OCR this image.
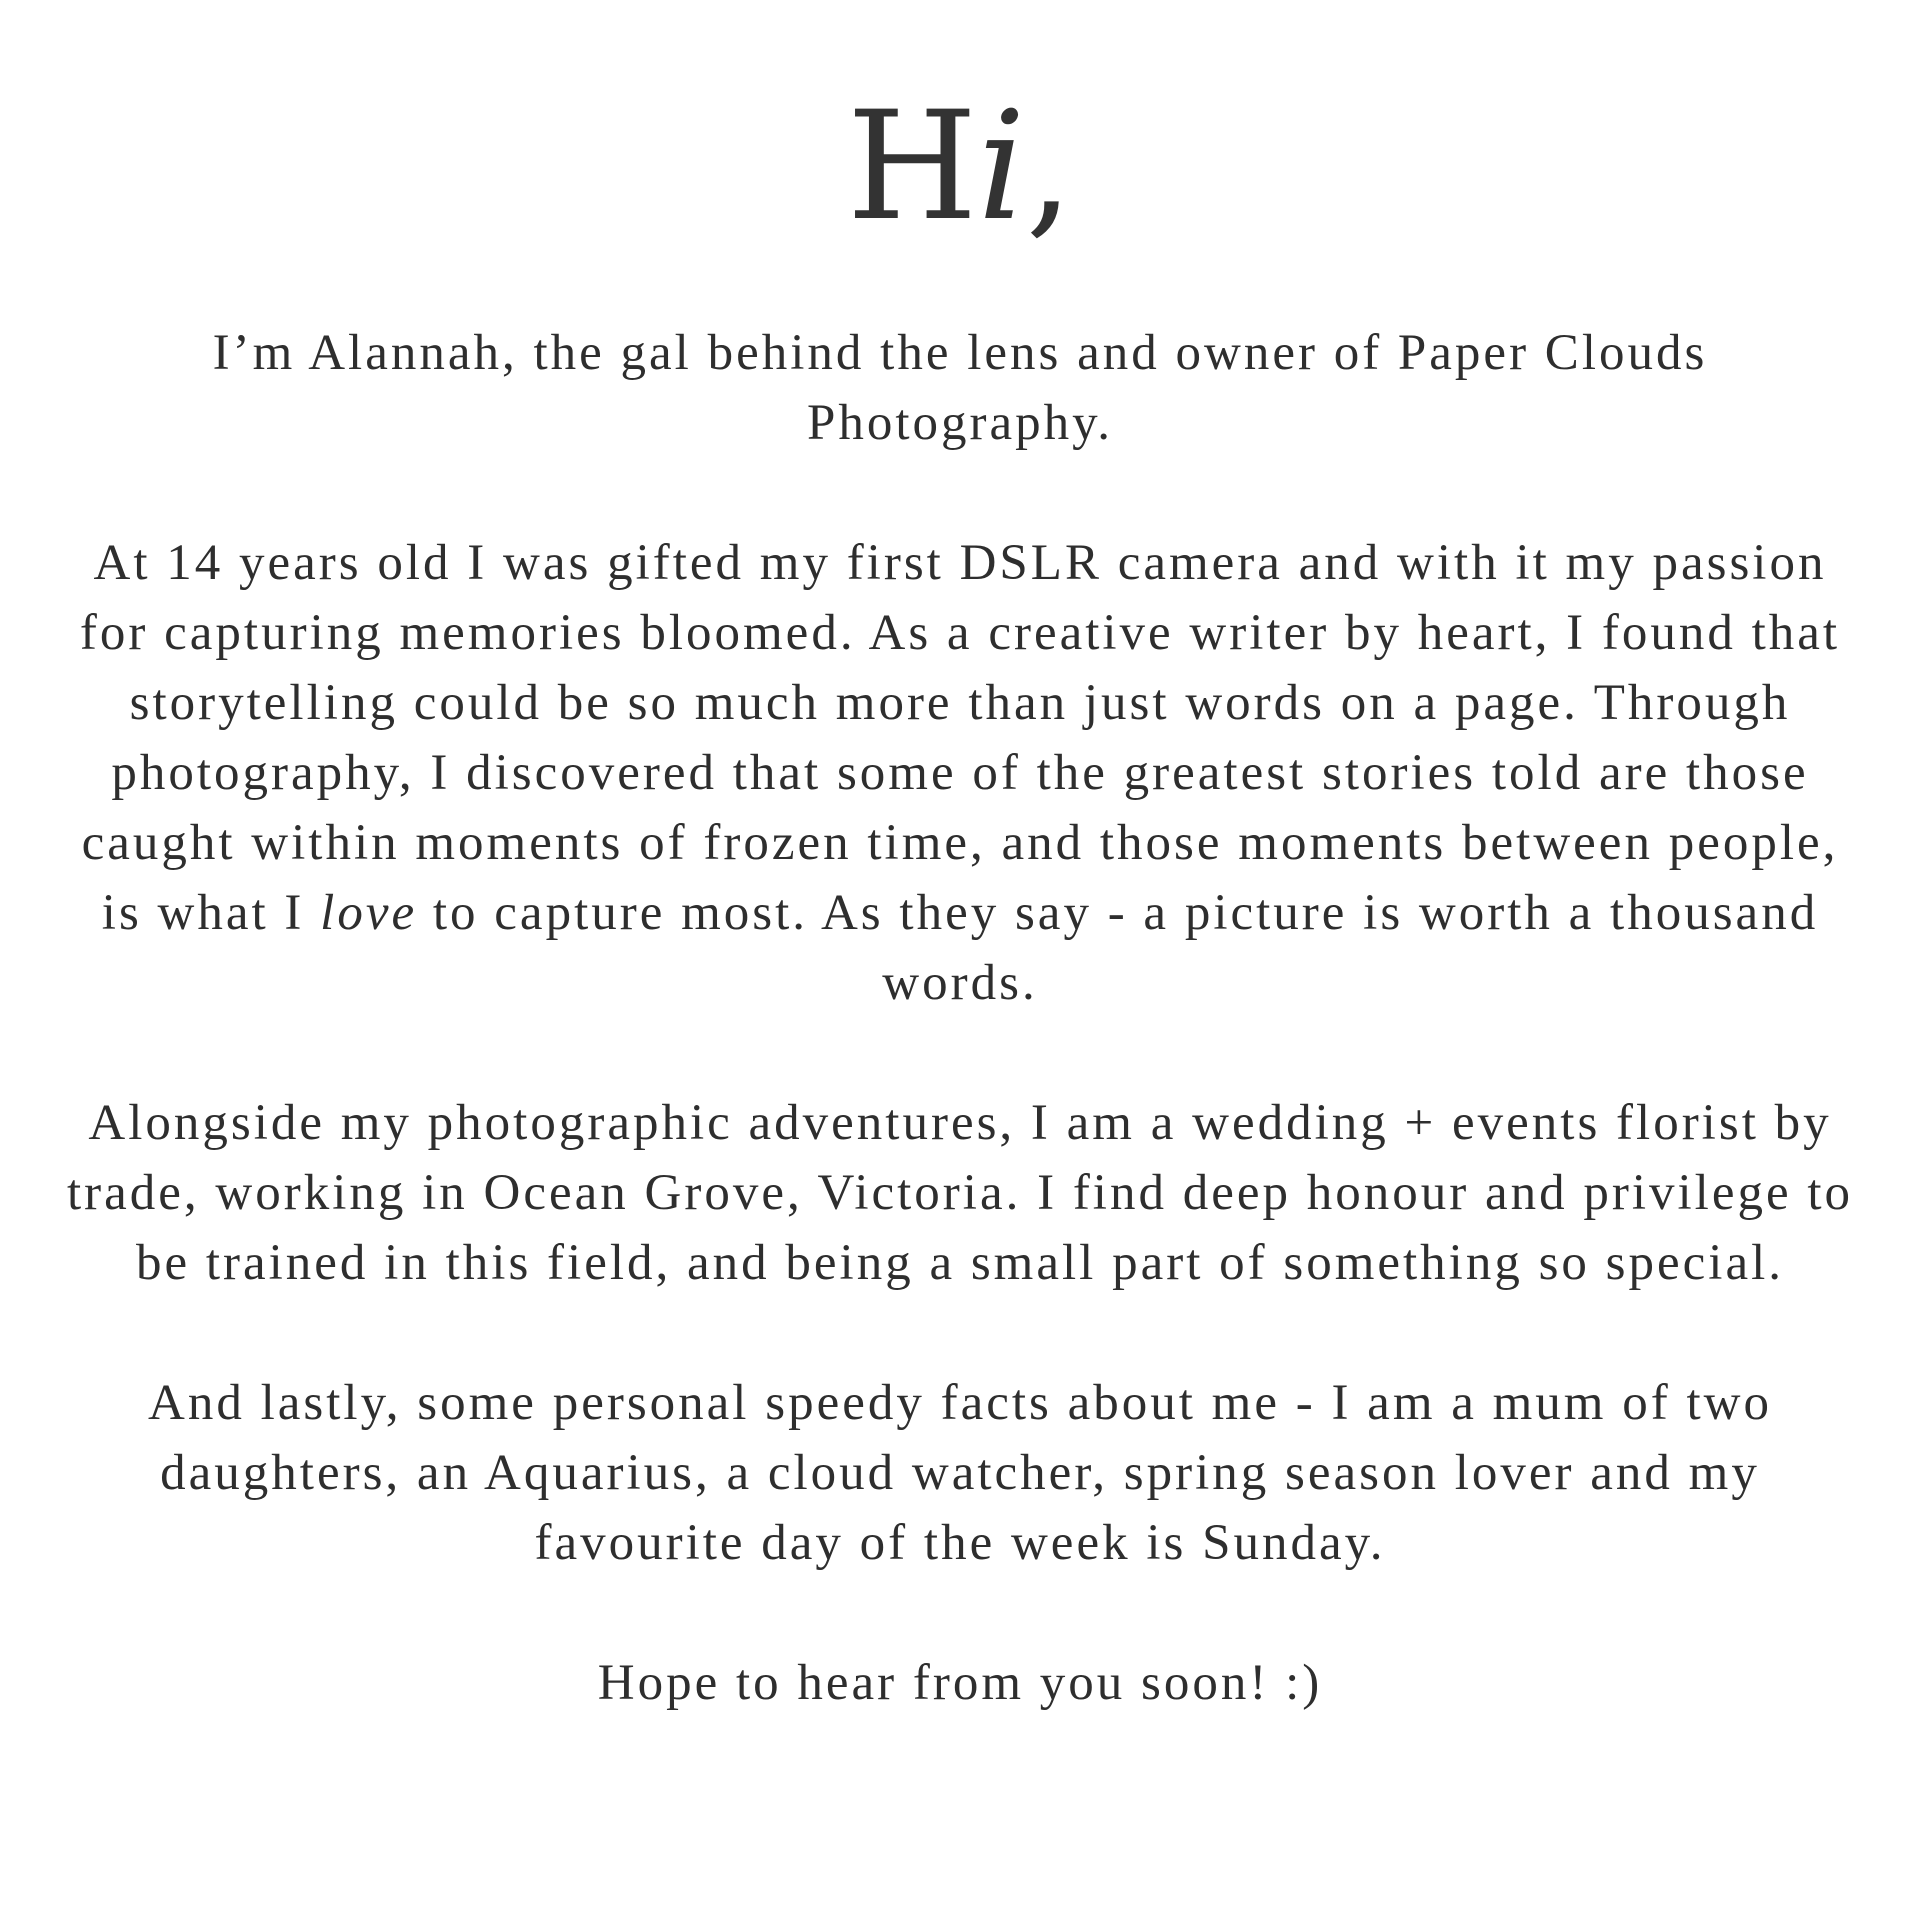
Hi,

I’m Alannah, the gal behind the lens and owner of Paper Clouds Photography.

At 14 years old I was gifted my first DSLR camera and with it my passion for capturing memories bloomed. As a creative writer by heart, I found that storytelling could be so much more than just words on a page. Through photography, I discovered that some of the greatest stories told are those caught within moments of frozen time, and those moments between people, is what I love to capture most. As they say - a picture is worth a thousand words.

Alongside my photographic adventures, I am a wedding + events florist by trade, working in Ocean Grove, Victoria. I find deep honour and privilege to be trained in this field, and being a small part of something so special.

And lastly, some personal speedy facts about me - I am a mum of two daughters, an Aquarius, a cloud watcher, spring season lover and my favourite day of the week is Sunday.

Hope to hear from you soon! :)
